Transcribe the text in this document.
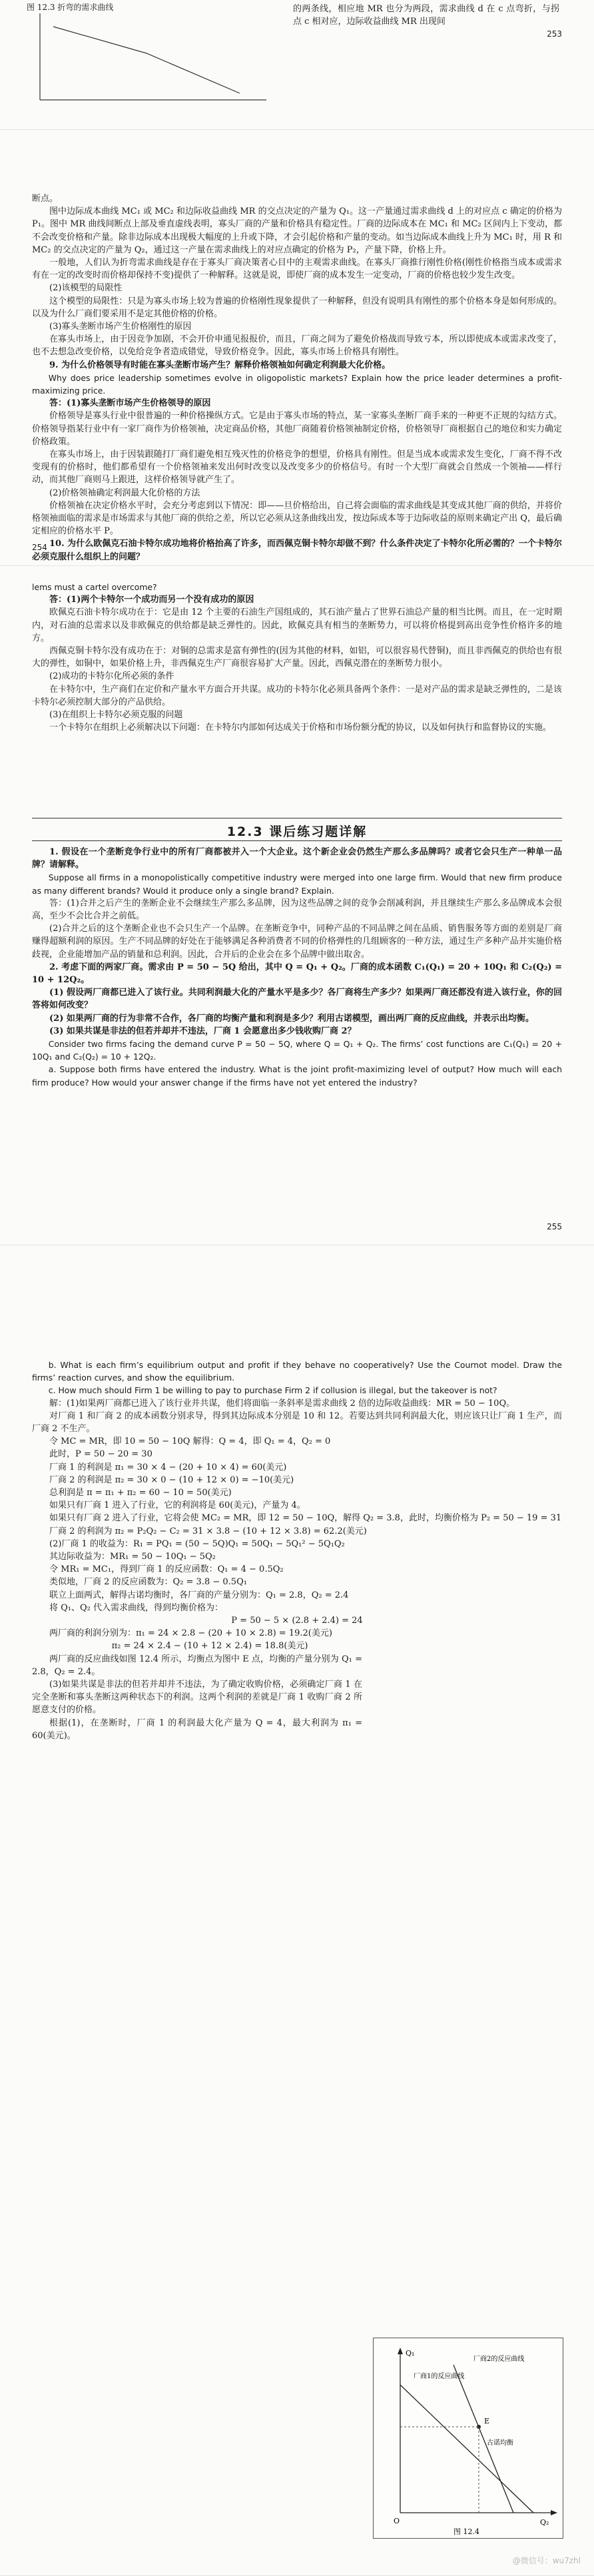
图 12.3 折弯的需求曲线	的两条线，相应地 MR 也分为两段，需求曲线 d 在 c 点弯折，与拐点 c 相对应，边际收益曲线 MR 出现间
253

断点。

图中边际成本曲线 MC₁ 或 MC₂ 和边际收益曲线 MR 的交点决定的产量为 Q₁。这一产量通过需求曲线 d 上的对应点 c 确定的价格为 P₁。图中 MR 曲线间断点上部及垂直虚线表明，寡头厂商的产量和价格具有稳定性。厂商的边际成本在 MC₁ 和 MC₂ 区间内上下变动，都不会改变价格和产量。除非边际成本出现极大幅度的上升或下降，才会引起价格和产量的变动。如当边际成本曲线上升为 MC₁ 时，用 R 和 MC₂ 的交点决定的产量为 Q₂，通过这一产量在需求曲线上的对应点确定的价格为 P₂，产量下降，价格上升。

一般地，人们认为折弯需求曲线是存在于寡头厂商决策者心目中的主观需求曲线。在寡头厂商推行刚性价格(刚性价格指当成本或需求有在一定的改变时而价格却保持不变)提供了一种解释。这就是说，即使厂商的成本发生一定变动，厂商的价格也较少发生改变。

(2)该模型的局限性

这个模型的局限性：只是为寡头市场上较为普遍的价格刚性现象提供了一种解释，但没有说明具有刚性的那个价格本身是如何形成的。以及为什么厂商们要采用不是定其他价格的价格。

(3)寡头垄断市场产生价格刚性的原因

在寡头市场上，由于因竞争加剧，不会开价申通见报报价，而且，厂商之间为了避免价格战而导致亏本，所以即使成本或需求改变了，也不去想急改变价格，以免给竞争者造成错觉，导致价格竞争。因此，寡头市场上价格具有刚性。

9. 为什么价格领导有时能在寡头垄断市场产生？解释价格领袖如何确定利润最大化价格。

Why does price leadership sometimes evolve in oligopolistic markets? Explain how the price leader determines a profit-maximizing price.

答：(1)寡头垄断市场产生价格领导的原因

价格领导是寡头行业中很普遍的一种价格操纵方式。它是由于寡头市场的特点，某一家寡头垄断厂商手来的一种更不正规的勾结方式。价格领导指某行业中有一家厂商作为价格领袖，决定商品价格，其他厂商随着价格领袖制定价格，价格领导厂商根据自己的地位和实力确定价格政策。

在寡头市场上，由于因装跟随打厂商们避免相互残灭性的价格竞争的想望，价格具有刚性。但是当成本或需求发生变化，厂商不得不改变现有的价格时，他们都希望有一个价格领袖来发出何时改变以及改变多少的价格信号。有时一个大型厂商就会自然成一个领袖——样行动，而其他厂商则马上跟进，这样价格领导就产生了。

(2)价格领袖确定利润最大化价格的方法

价格领袖在决定价格水平时，会充分考虑到以下情况：即——旦价格给出，自己将会面临的需求曲线是其变成其他厂商的供给，并将价格领袖面临的需求是市场需求与其他厂商的供给之差，所以它必须从这条曲线出发，按边际成本等于边际收益的原则来确定产出 Q，最后确定相应的价格水平 P。

10. 为什么欧佩克石油卡特尔成功地将价格抬高了许多，而西佩克铜卡特尔却做不到？什么条件决定了卡特尔化所必需的？一个卡特尔必须克服什么组织上的问题？

254

lems must a cartel overcome?

答：(1)两个卡特尔一个成功而另一个没有成功的原因

欧佩克石油卡特尔成功在于：它是由 12 个主要的石油生产国组成的，其石油产量占了世界石油总产量的相当比例。而且，在一定时期内，对石油的总需求以及非欧佩克的供给都是缺乏弹性的。因此，欧佩克具有相当的垄断势力，可以将价格提到高出竞争性价格许多的地方。

西佩克铜卡特尔没有成功在于：对铜的总需求是富有弹性的(因为其他的材料，如铝，可以很容易代替铜)，而且非西佩克的供给也有很大的弹性，如铜中，如果价格上升，非西佩克生产厂商很容易扩大产量。因此，西佩克潜在的垄断势力很小。

(2)成功的卡特尔化所必须的条件

在卡特尔中，生产商们在定价和产量水平方面合开共谋。成功的卡特尔化必须具备两个条件：一是对产品的需求是缺乏弹性的，二是该卡特尔必须控制大部分的产品供给。

(3)在组织上卡特尔必须克服的问题

一个卡特尔在组织上必须解决以下问题：在卡特尔内部如何达成关于价格和市场份额分配的协议，以及如何执行和监督协议的实施。

12.3 课后练习题详解

1. 假设在一个垄断竞争行业中的所有厂商都被并入一个大企业。这个新企业会仍然生产那么多品牌吗？或者它会只生产一种单一品牌？请解释。

Suppose all firms in a monopolistically competitive industry were merged into one large firm. Would that new firm produce as many different brands? Would it produce only a single brand? Explain.

答：(1)合并之后产生的垄断企业不会继续生产那么多品牌，因为这些品牌之间的竞争会削减利润，并且继续生产那么多品牌成本会很高，至少不会比合并之前低。

(2)合并之后的这个垄断企业也不会只生产一个品牌。在垄断竞争中，同种产品的不同品牌之间在品质、销售服务等方面的差别是厂商赚得超额利润的原因。生产不同品牌的好处在于能够满足各种消费者不同的价格弹性的几组顾客的一种方法，通过生产多种产品并实施价格歧视，企业能增加产品的销量和总利润。因此，合并后的企业会在多个品牌中做出取舍。

2. 考虑下面的两家厂商。需求由 P = 50 − 5Q 给出，其中 Q = Q₁ + Q₂。厂商的成本函数 C₁(Q₁) = 20 + 10Q₁ 和 C₂(Q₂) = 10 + 12Q₂。

(1) 假设两厂商都已进入了该行业。共同利润最大化的产量水平是多少？各厂商将生产多少？如果两厂商还都没有进入该行业，你的回答将如何改变？

(2) 如果两厂商的行为非常不合作，各厂商的均衡产量和利润是多少？利用古诺模型，画出两厂商的反应曲线，并表示出均衡。

(3) 如果共谋是非法的但若并却并不违法，厂商 1 会愿意出多少钱收购厂商 2？

Consider two firms facing the demand curve P = 50 − 5Q, where Q = Q₁ + Q₂. The firms’ cost functions are C₁(Q₁) = 20 + 10Q₁ and C₂(Q₂) = 10 + 12Q₂.

a. Suppose both firms have entered the industry. What is the joint profit-maximizing level of output? How much will each firm produce? How would your answer change if the firms have not yet entered the industry?

255

b. What is each firm’s equilibrium output and profit if they behave no cooperatively? Use the Cournot model. Draw the firms’ reaction curves, and show the equilibrium.

c. How much should Firm 1 be willing to pay to purchase Firm 2 if collusion is illegal, but the takeover is not?

解：(1)如果两厂商都已进入了该行业并共谋，他们将面临一条斜率是需求曲线 2 倍的边际收益曲线：MR = 50 − 10Q。

对厂商 1 和厂商 2 的成本函数分别求导，得到其边际成本分别是 10 和 12。若要达到共同利润最大化，则应该只让厂商 1 生产，而厂商 2 不生产。

令 MC = MR，即 10 = 50 − 10Q 解得：Q = 4，即 Q₁ = 4，Q₂ = 0

此时，P = 50 − 20 = 30

厂商 1 的利润是 π₁ = 30 × 4 − (20 + 10 × 4) = 60(美元)

厂商 2 的利润是 π₂ = 30 × 0 − (10 + 12 × 0) = −10(美元)

总利润是 π = π₁ + π₂ = 60 − 10 = 50(美元)

如果只有厂商 1 进入了行业，它的利润将是 60(美元)，产量为 4。

如果只有厂商 2 进入了行业，它将会使 MC₂ = MR，即 12 = 50 − 10Q，解得 Q₂ = 3.8，此时，均衡价格为 P₂ = 50 − 19 = 31

厂商 2 的利润为 π₂ = P₂Q₂ − C₂ = 31 × 3.8 − (10 + 12 × 3.8) = 62.2(美元)

(2)厂商 1 的收益为：R₁ = PQ₁ = (50 − 5Q)Q₁ = 50Q₁ − 5Q₁² − 5Q₁Q₂

其边际收益为：MR₁ = 50 − 10Q₁ − 5Q₂

令 MR₁ = MC₁，得到厂商 1 的反应函数：Q₁ = 4 − 0.5Q₂

类似地，厂商 2 的反应函数为：Q₂ = 3.8 − 0.5Q₁

联立上面两式，解得古诺均衡时，各厂商的产量分别为：Q₁ = 2.8，Q₂ = 2.4

将 Q₁、Q₂ 代入需求曲线，得到均衡价格为：

P = 50 − 5 × (2.8 + 2.4) = 24

两厂商的利润分别为：π₁ = 24 × 2.8 − (20 + 10 × 2.8) = 19.2(美元)

π₂ = 24 × 2.4 − (10 + 12 × 2.4) = 18.8(美元)

两厂商的反应曲线如图 12.4 所示，均衡点为图中 E 点，均衡的产量分别为 Q₁ = 2.8，Q₂ = 2.4。

(3)如果共谋是非法的但若并却并不违法，为了确定收购价格，必须确定厂商 1 在完全垄断和寡头垄断这两种状态下的利润。这两个利润的差就是厂商 1 收购厂商 2 所愿意支付的价格。

根据(1)，在垄断时，厂商 1 的利润最大化产量为 Q = 4，最大利润为 π₁ = 60(美元)。

Q₁
Q₂
O
厂商2的反应曲线
厂商1的反应曲线
E
古诺均衡
图 12.4
@微信号：wu7zhl
